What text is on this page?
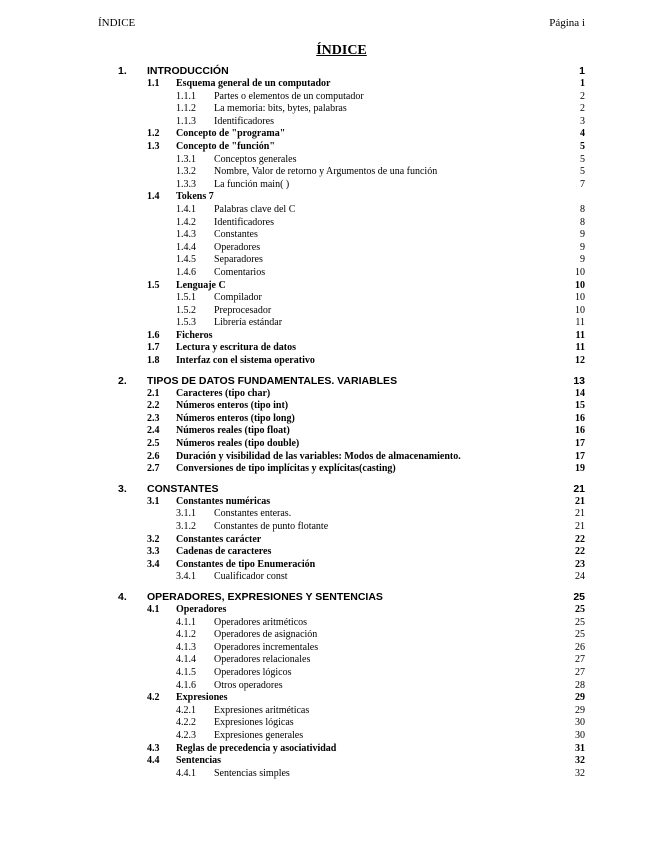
ÍNDICE	Página i
ÍNDICE
1. INTRODUCCIÓN	1
1.1 Esquema general de un computador	1
1.1.1 Partes o elementos de un computador	2
1.1.2 La memoria: bits, bytes, palabras	2
1.1.3 Identificadores	3
1.2 Concepto de "programa"	4
1.3 Concepto de "función"	5
1.3.1 Conceptos generales	5
1.3.2 Nombre, Valor de retorno y Argumentos de una función	5
1.3.3 La función main( )	7
1.4 Tokens 7
1.4.1 Palabras clave del C	8
1.4.2 Identificadores	8
1.4.3 Constantes	9
1.4.4 Operadores	9
1.4.5 Separadores	9
1.4.6 Comentarios	10
1.5 Lenguaje C	10
1.5.1 Compilador	10
1.5.2 Preprocesador	10
1.5.3 Librería estándar	11
1.6 Ficheros	11
1.7 Lectura y escritura de datos	11
1.8 Interfaz con el sistema operativo	12
2. TIPOS DE DATOS FUNDAMENTALES. VARIABLES	13
2.1 Caracteres (tipo char)	14
2.2 Números enteros (tipo int)	15
2.3 Números enteros (tipo long)	16
2.4 Números reales (tipo float)	16
2.5 Números reales (tipo double)	17
2.6 Duración y visibilidad de las variables: Modos de almacenamiento.	17
2.7 Conversiones de tipo implícitas y explícitas(casting)	19
3. CONSTANTES	21
3.1 Constantes numéricas	21
3.1.1 Constantes enteras.	21
3.1.2 Constantes de punto flotante	21
3.2 Constantes carácter	22
3.3 Cadenas de caracteres	22
3.4 Constantes de tipo Enumeración	23
3.4.1 Cualificador const	24
4. OPERADORES, EXPRESIONES Y SENTENCIAS	25
4.1 Operadores	25
4.1.1 Operadores aritméticos	25
4.1.2 Operadores de asignación	25
4.1.3 Operadores incrementales	26
4.1.4 Operadores relacionales	27
4.1.5 Operadores lógicos	27
4.1.6 Otros operadores	28
4.2 Expresiones	29
4.2.1 Expresiones aritméticas	29
4.2.2 Expresiones lógicas	30
4.2.3 Expresiones generales	30
4.3 Reglas de precedencia y asociatividad	31
4.4 Sentencias	32
4.4.1 Sentencias simples	32
